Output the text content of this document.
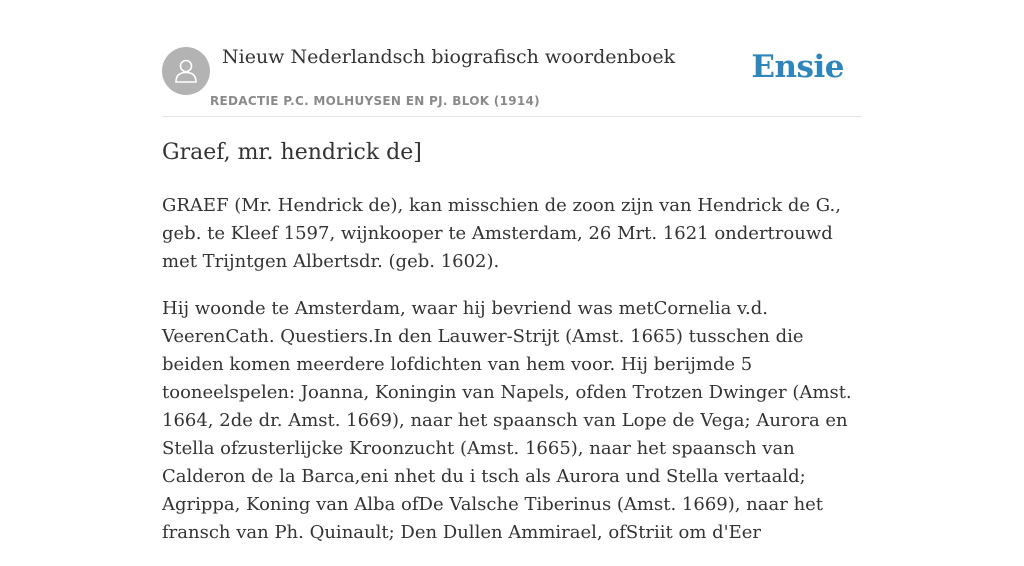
Nieuw Nederlandsch biografisch woordenboek
REDACTIE P.C. MOLHUYSEN EN PJ. BLOK (1914)
Ensie
Graef, mr. hendrick de]

GRAEF (Mr. Hendrick de), kan misschien de zoon zijn van Hendrick de G., geb. te Kleef 1597, wijnkooper te Amsterdam, 26 Mrt. 1621 ondertrouwd met Trijntgen Albertsdr. (geb. 1602).

Hij woonde te Amsterdam, waar hij bevriend was metCornelia v.d. VeerenCath. Questiers.In den Lauwer-Strijt (Amst. 1665) tusschen die beiden komen meerdere lofdichten van hem voor. Hij berijmde 5 tooneelspelen: Joanna, Koningin van Napels, ofden Trotzen Dwinger (Amst. 1664, 2de dr. Amst. 1669), naar het spaansch van Lope de Vega; Aurora en Stella ofzusterlijcke Kroonzucht (Amst. 1665), naar het spaansch van Calderon de la Barca,eni nhet du i tsch als Aurora und Stella vertaald; Agrippa, Koning van Alba ofDe Valsche Tiberinus (Amst. 1669), naar het fransch van Ph. Quinault; Den Dullen Ammirael, ofStriit om d'Eer
